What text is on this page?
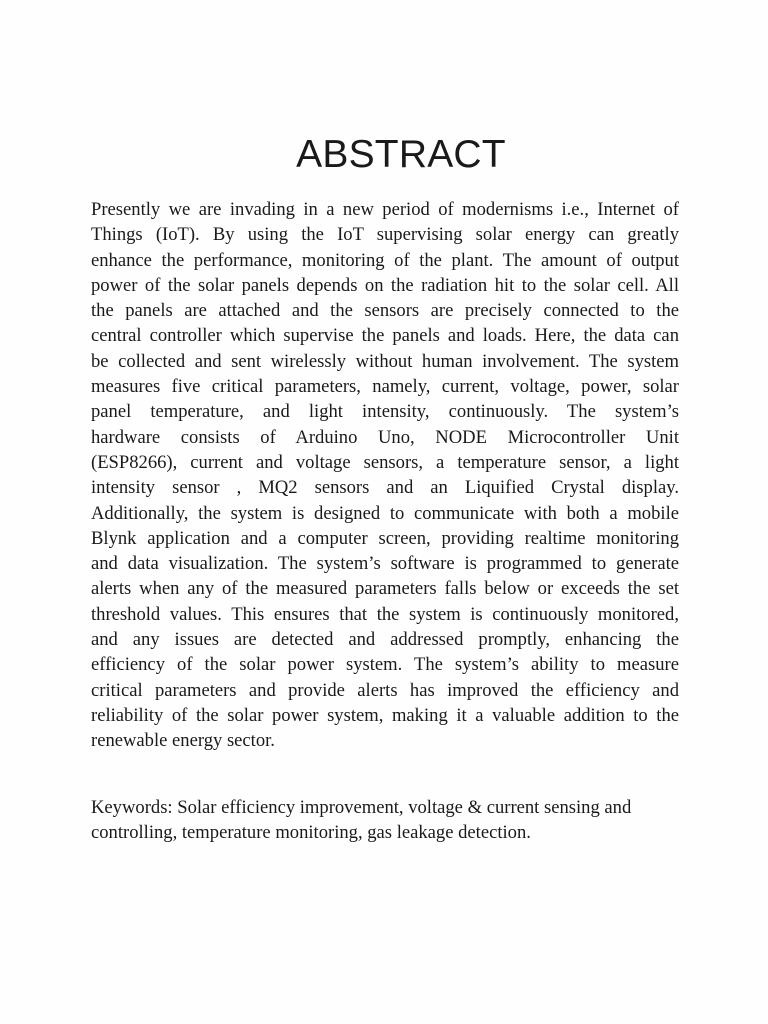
ABSTRACT
Presently we are invading in a new period of modernisms i.e., Internet of
Things (IoT). By using the IoT supervising solar energy can greatly
enhance the performance, monitoring of the plant. The amount of output
power of the solar panels depends on the radiation hit to the solar cell. All
the panels are attached and the sensors are precisely connected to the
central controller which supervise the panels and loads. Here, the data can
be collected and sent wirelessly without human involvement. The system
measures five critical parameters, namely, current, voltage, power, solar
panel temperature, and light intensity, continuously. The system’s
hardware consists of Arduino Uno, NODE Microcontroller Unit
(ESP8266), current and voltage sensors, a temperature sensor, a light
intensity sensor , MQ2 sensors and an Liquified Crystal display.
Additionally, the system is designed to communicate with both a mobile
Blynk application and a computer screen, providing realtime monitoring
and data visualization. The system’s software is programmed to generate
alerts when any of the measured parameters falls below or exceeds the set
threshold values. This ensures that the system is continuously monitored,
and any issues are detected and addressed promptly, enhancing the
efficiency of the solar power system. The system’s ability to measure
critical parameters and provide alerts has improved the efficiency and
reliability of the solar power system, making it a valuable addition to the
renewable energy sector.
Keywords: Solar efficiency improvement, voltage & current sensing and
controlling, temperature monitoring, gas leakage detection.
